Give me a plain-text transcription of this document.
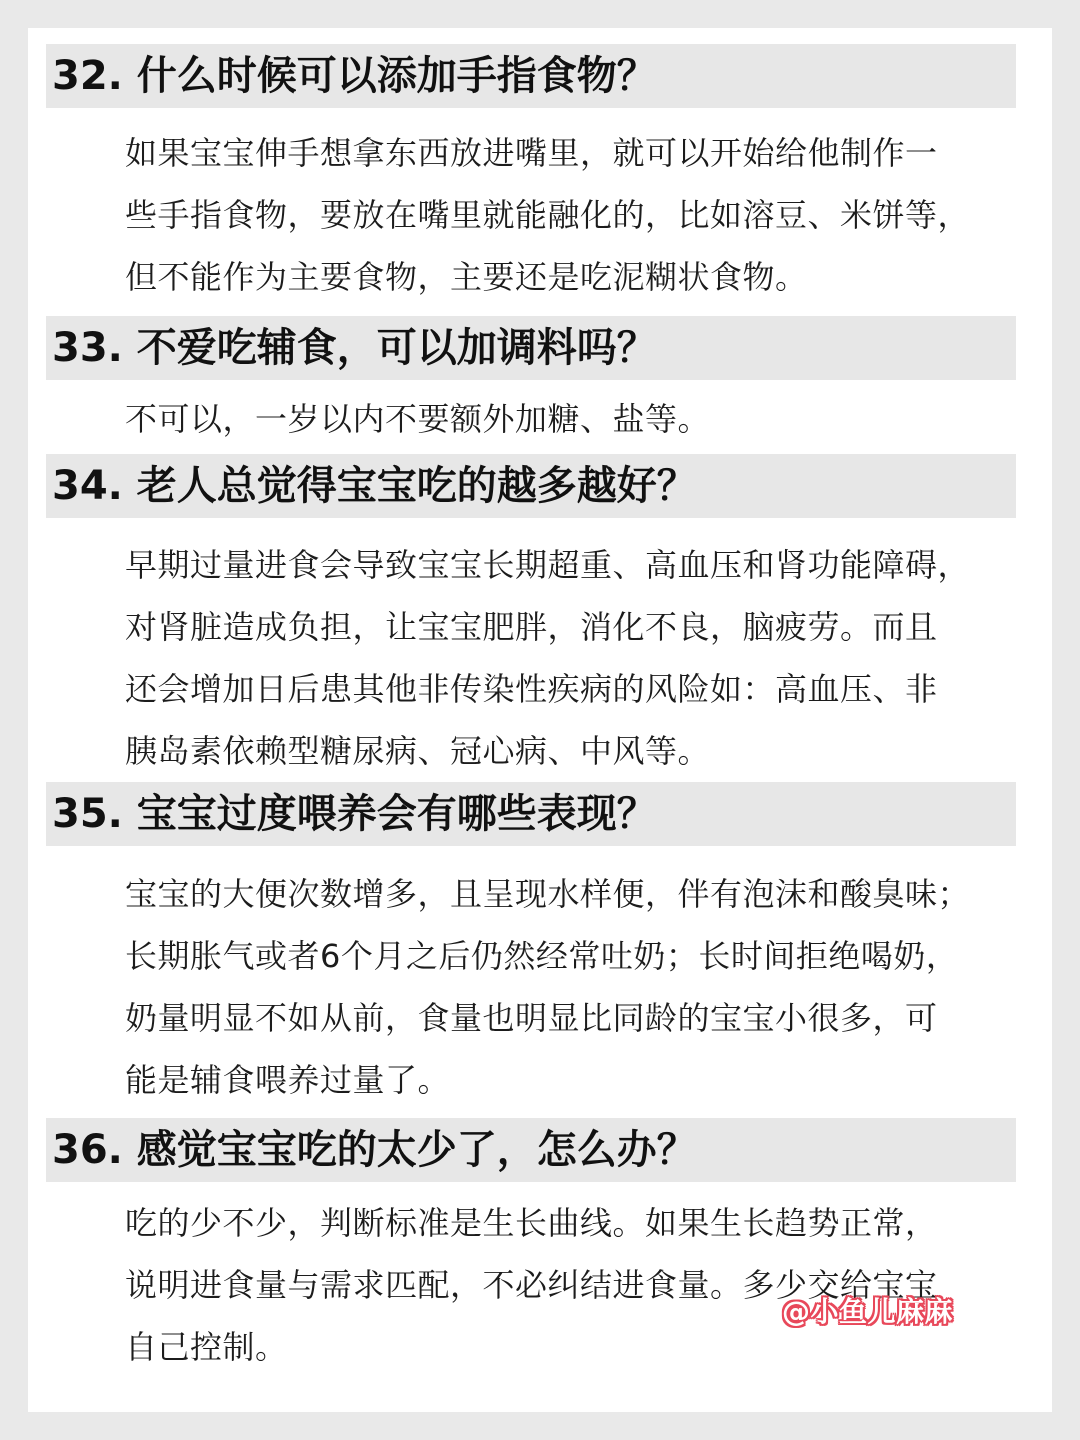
32. 什么时候可以添加手指食物？
如果宝宝伸手想拿东西放进嘴里，就可以开始给他制作一
些手指食物，要放在嘴里就能融化的，比如溶豆、米饼等，
但不能作为主要食物，主要还是吃泥糊状食物。
33. 不爱吃辅食，可以加调料吗？
不可以，一岁以内不要额外加糖、盐等。
34. 老人总觉得宝宝吃的越多越好？
早期过量进食会导致宝宝长期超重、高血压和肾功能障碍，
对肾脏造成负担，让宝宝肥胖，消化不良，脑疲劳。而且
还会增加日后患其他非传染性疾病的风险如：高血压、非
胰岛素依赖型糖尿病、冠心病、中风等。
35. 宝宝过度喂养会有哪些表现？
宝宝的大便次数增多，且呈现水样便，伴有泡沫和酸臭味；
长期胀气或者6个月之后仍然经常吐奶；长时间拒绝喝奶，
奶量明显不如从前，食量也明显比同龄的宝宝小很多，可
能是辅食喂养过量了。
36. 感觉宝宝吃的太少了，怎么办？
吃的少不少，判断标准是生长曲线。如果生长趋势正常，
说明进食量与需求匹配，不必纠结进食量。多少交给宝宝
自己控制。
@小鱼儿麻麻
